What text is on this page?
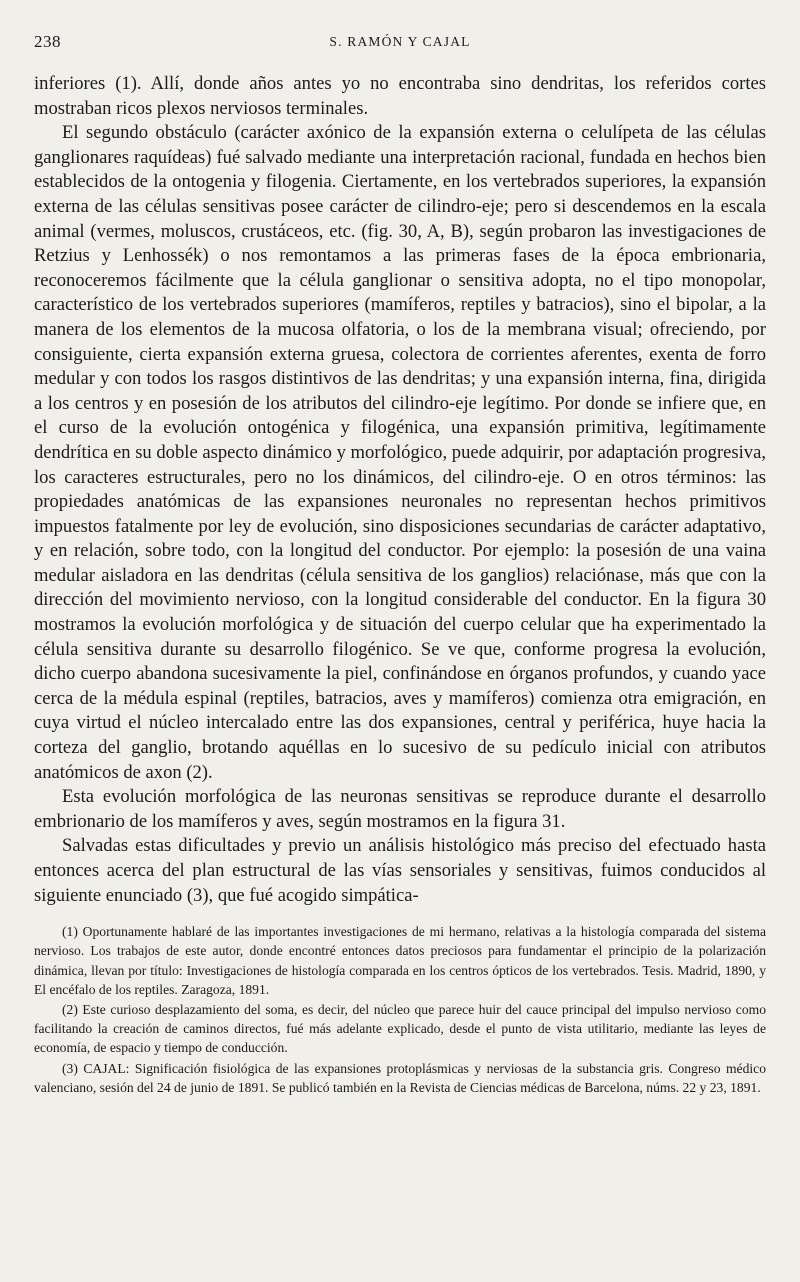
238	S. RAMÓN Y CAJAL

inferiores (1). Allí, donde años antes yo no encontraba sino dendritas, los referidos cortes mostraban ricos plexos nerviosos terminales.

El segundo obstáculo (carácter axónico de la expansión externa o celulípeta de las células ganglionares raquídeas) fué salvado mediante una interpretación racional, fundada en hechos bien establecidos de la ontogenia y filogenia. Ciertamente, en los vertebrados superiores, la expansión externa de las células sensitivas posee carácter de cilindro-eje; pero si descendemos en la escala animal (vermes, moluscos, crustáceos, etc. (fig. 30, A, B), según probaron las investigaciones de Retzius y Lenhossék) o nos remontamos a las primeras fases de la época embrionaria, reconoceremos fácilmente que la célula ganglionar o sensitiva adopta, no el tipo monopolar, característico de los vertebrados superiores (mamíferos, reptiles y batracios), sino el bipolar, a la manera de los elementos de la mucosa olfatoria, o los de la membrana visual; ofreciendo, por consiguiente, cierta expansión externa gruesa, colectora de corrientes aferentes, exenta de forro medular y con todos los rasgos distintivos de las dendritas; y una expansión interna, fina, dirigida a los centros y en posesión de los atributos del cilindro-eje legítimo. Por donde se infiere que, en el curso de la evolución ontogénica y filogénica, una expansión primitiva, legítimamente dendrítica en su doble aspecto dinámico y morfológico, puede adquirir, por adaptación progresiva, los caracteres estructurales, pero no los dinámicos, del cilindro-eje. O en otros términos: las propiedades anatómicas de las expansiones neuronales no representan hechos primitivos impuestos fatalmente por ley de evolución, sino disposiciones secundarias de carácter adaptativo, y en relación, sobre todo, con la longitud del conductor. Por ejemplo: la posesión de una vaina medular aisladora en las dendritas (célula sensitiva de los ganglios) relaciónase, más que con la dirección del movimiento nervioso, con la longitud considerable del conductor. En la figura 30 mostramos la evolución morfológica y de situación del cuerpo celular que ha experimentado la célula sensitiva durante su desarrollo filogénico. Se ve que, conforme progresa la evolución, dicho cuerpo abandona sucesivamente la piel, confinándose en órganos profundos, y cuando yace cerca de la médula espinal (reptiles, batracios, aves y mamíferos) comienza otra emigración, en cuya virtud el núcleo intercalado entre las dos expansiones, central y periférica, huye hacia la corteza del ganglio, brotando aquéllas en lo sucesivo de su pedículo inicial con atributos anatómicos de axon (2).

Esta evolución morfológica de las neuronas sensitivas se reproduce durante el desarrollo embrionario de los mamíferos y aves, según mostramos en la figura 31.

Salvadas estas dificultades y previo un análisis histológico más preciso del efectuado hasta entonces acerca del plan estructural de las vías sensoriales y sensitivas, fuimos conducidos al siguiente enunciado (3), que fué acogido simpática-

(1) Oportunamente hablaré de las importantes investigaciones de mi hermano, relativas a la histología comparada del sistema nervioso. Los trabajos de este autor, donde encontré entonces datos preciosos para fundamentar el principio de la polarización dinámica, llevan por título: Investigaciones de histología comparada en los centros ópticos de los vertebrados. Tesis. Madrid, 1890, y El encéfalo de los reptiles. Zaragoza, 1891.

(2) Este curioso desplazamiento del soma, es decir, del núcleo que parece huir del cauce principal del impulso nervioso como facilitando la creación de caminos directos, fué más adelante explicado, desde el punto de vista utilitario, mediante las leyes de economía, de espacio y tiempo de conducción.

(3) CAJAL: Significación fisiológica de las expansiones protoplásmicas y nerviosas de la substancia gris. Congreso médico valenciano, sesión del 24 de junio de 1891. Se publicó también en la Revista de Ciencias médicas de Barcelona, núms. 22 y 23, 1891.
